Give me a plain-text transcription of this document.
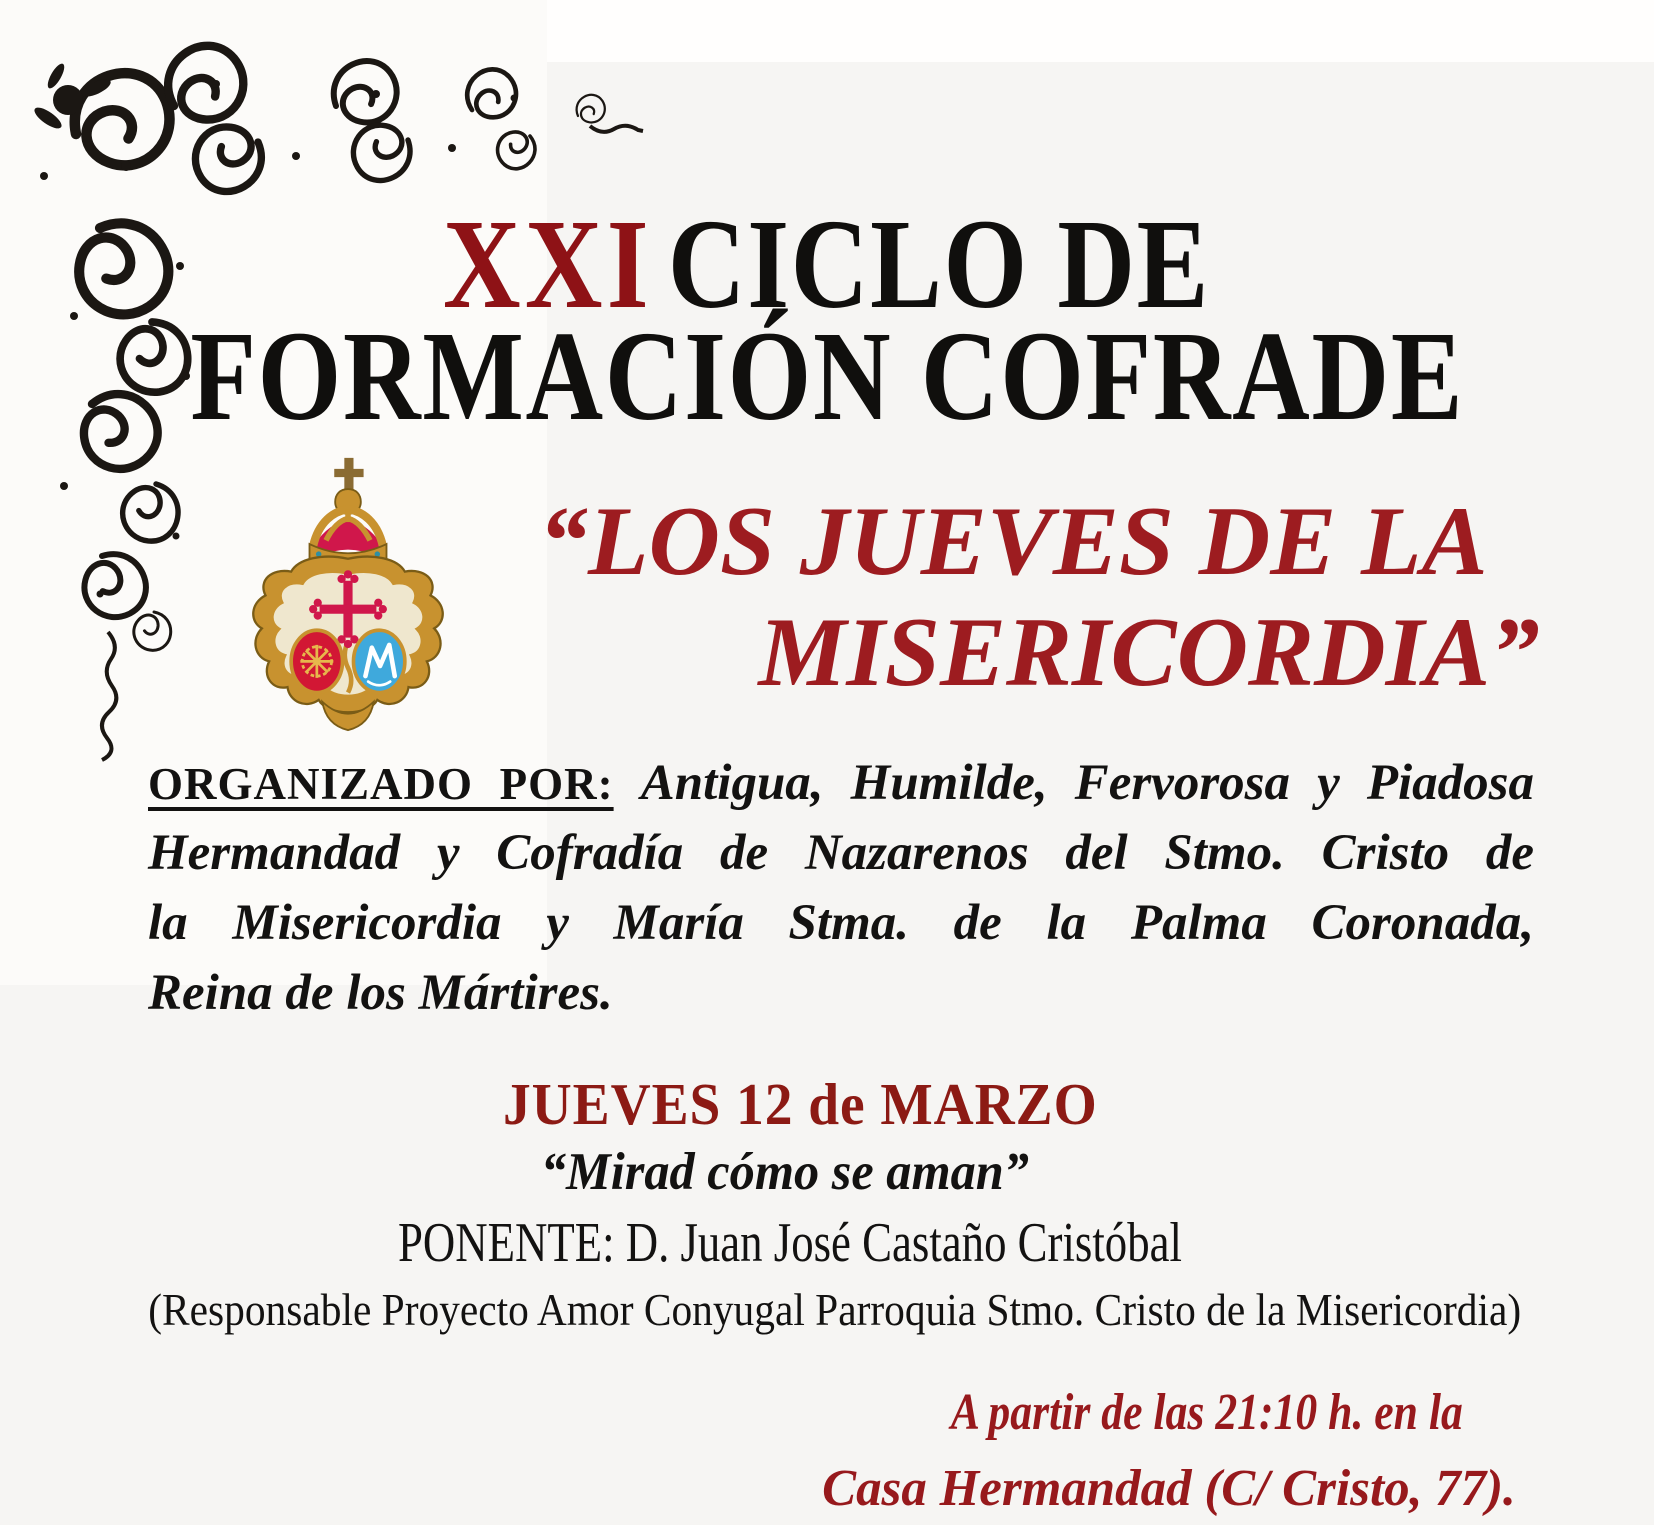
XXI CICLO DE
FORMACIÓN COFRADE
“LOS JUEVES DE LA
MISERICORDIA”
ORGANIZADO POR: Antigua, Humilde, Fervorosa y Piadosa
Hermandad y Cofradía de Nazarenos del Stmo. Cristo de
la Misericordia y María Stma. de la Palma Coronada,
Reina de los Mártires.
JUEVES 12 de MARZO
“Mirad cómo se aman”
PONENTE: D. Juan José Castaño Cristóbal
(Responsable Proyecto Amor Conyugal Parroquia Stmo. Cristo de la Misericordia)
A partir de las 21:10 h. en la
Casa Hermandad (C/ Cristo, 77).
